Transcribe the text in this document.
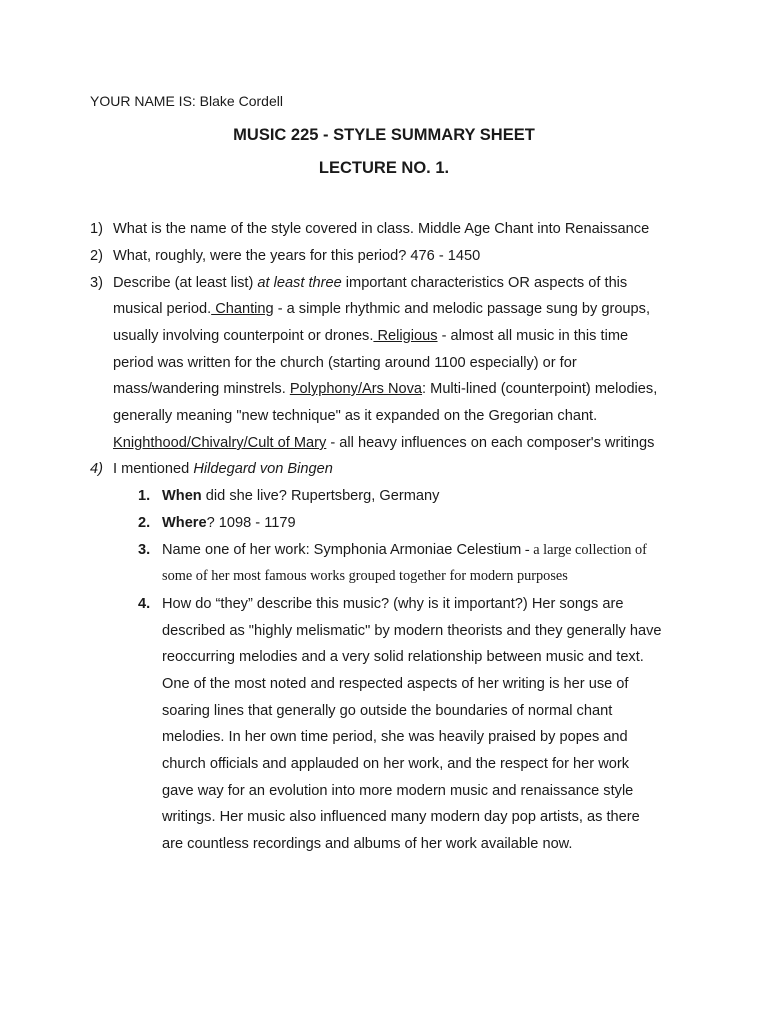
YOUR NAME IS: Blake Cordell
MUSIC 225 - STYLE SUMMARY SHEET
LECTURE NO. 1.
1) What is the name of the style covered in class. Middle Age Chant into Renaissance
2) What, roughly, were the years for this period? 476 - 1450
3) Describe (at least list) at least three important characteristics OR aspects of this
musical period. Chanting - a simple rhythmic and melodic passage sung by groups,
usually involving counterpoint or drones. Religious - almost all music in this time
period was written for the church (starting around 1100 especially) or for
mass/wandering minstrels. Polyphony/Ars Nova: Multi-lined (counterpoint) melodies,
generally meaning "new technique" as it expanded on the Gregorian chant.
Knighthood/Chivalry/Cult of Mary - all heavy influences on each composer's writings
4) I mentioned Hildegard von Bingen
1. When did she live? Rupertsberg, Germany
2. Where? 1098 - 1179
3. Name one of her work: Symphonia Armoniae Celestium - a large collection of
some of her most famous works grouped together for modern purposes
4. How do “they” describe this music? (why is it important?) Her songs are
described as "highly melismatic" by modern theorists and they generally have
reoccurring melodies and a very solid relationship between music and text.
One of the most noted and respected aspects of her writing is her use of
soaring lines that generally go outside the boundaries of normal chant
melodies. In her own time period, she was heavily praised by popes and
church officials and applauded on her work, and the respect for her work
gave way for an evolution into more modern music and renaissance style
writings. Her music also influenced many modern day pop artists, as there
are countless recordings and albums of her work available now.
